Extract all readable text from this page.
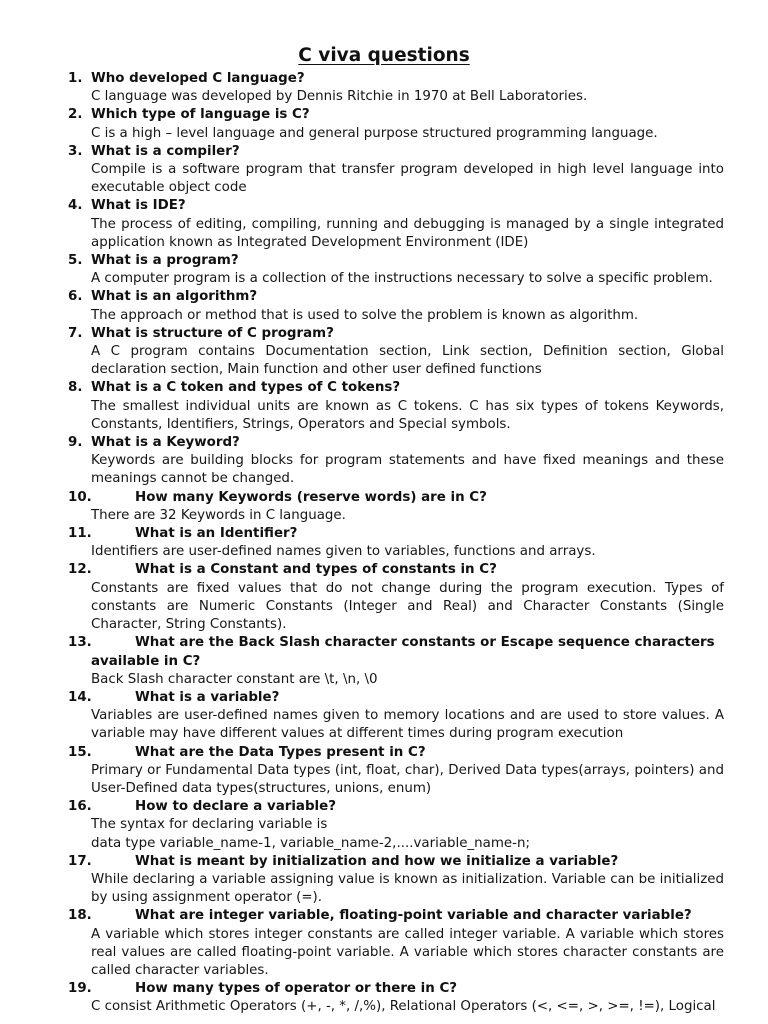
C viva questions
1. Who developed C language?
C language was developed by Dennis Ritchie in 1970 at Bell Laboratories.
2. Which type of language is C?
C is a high – level language and general purpose structured programming language.
3. What is a compiler?
Compile is a software program that transfer program developed in high level language into executable object code
4. What is IDE?
The process of editing, compiling, running and debugging is managed by a single integrated application known as Integrated Development Environment (IDE)
5. What is a program?
A computer program is a collection of the instructions necessary to solve a specific problem.
6. What is an algorithm?
The approach or method that is used to solve the problem is known as algorithm.
7. What is structure of C program?
A C program contains Documentation section, Link section, Definition section, Global declaration section, Main function and other user defined functions
8. What is a C token and types of C tokens?
The smallest individual units are known as C tokens. C has six types of tokens Keywords, Constants, Identifiers, Strings, Operators and Special symbols.
9. What is a Keyword?
Keywords are building blocks for program statements and have fixed meanings and these meanings cannot be changed.
10.	How many Keywords (reserve words) are in C?
There are 32 Keywords in C language.
11.	What is an Identifier?
Identifiers are user-defined names given to variables, functions and arrays.
12.	What is a Constant and types of constants in C?
Constants are fixed values that do not change during the program execution. Types of constants are Numeric Constants (Integer and Real) and Character Constants (Single Character, String Constants).
13.	What are the Back Slash character constants or Escape sequence characters available in C?
Back Slash character constant are \t, \n, \0
14.	What is a variable?
Variables are user-defined names given to memory locations and are used to store values. A variable may have different values at different times during program execution
15.	What are the Data Types present in C?
Primary or Fundamental Data types (int, float, char), Derived Data types(arrays, pointers) and User-Defined data types(structures, unions, enum)
16.	How to declare a variable?
The syntax for declaring variable is
data type variable_name-1, variable_name-2,....variable_name-n;
17.	What is meant by initialization and how we initialize a variable?
While declaring a variable assigning value is known as initialization. Variable can be initialized by using assignment operator (=).
18.	What are integer variable, floating-point variable and character variable?
A variable which stores integer constants are called integer variable. A variable which stores real values are called floating-point variable. A variable which stores character constants are called character variables.
19.	How many types of operator or there in C?
C consist Arithmetic Operators (+, -, *, /,%), Relational Operators (<, <=, >, >=, !=), Logical
